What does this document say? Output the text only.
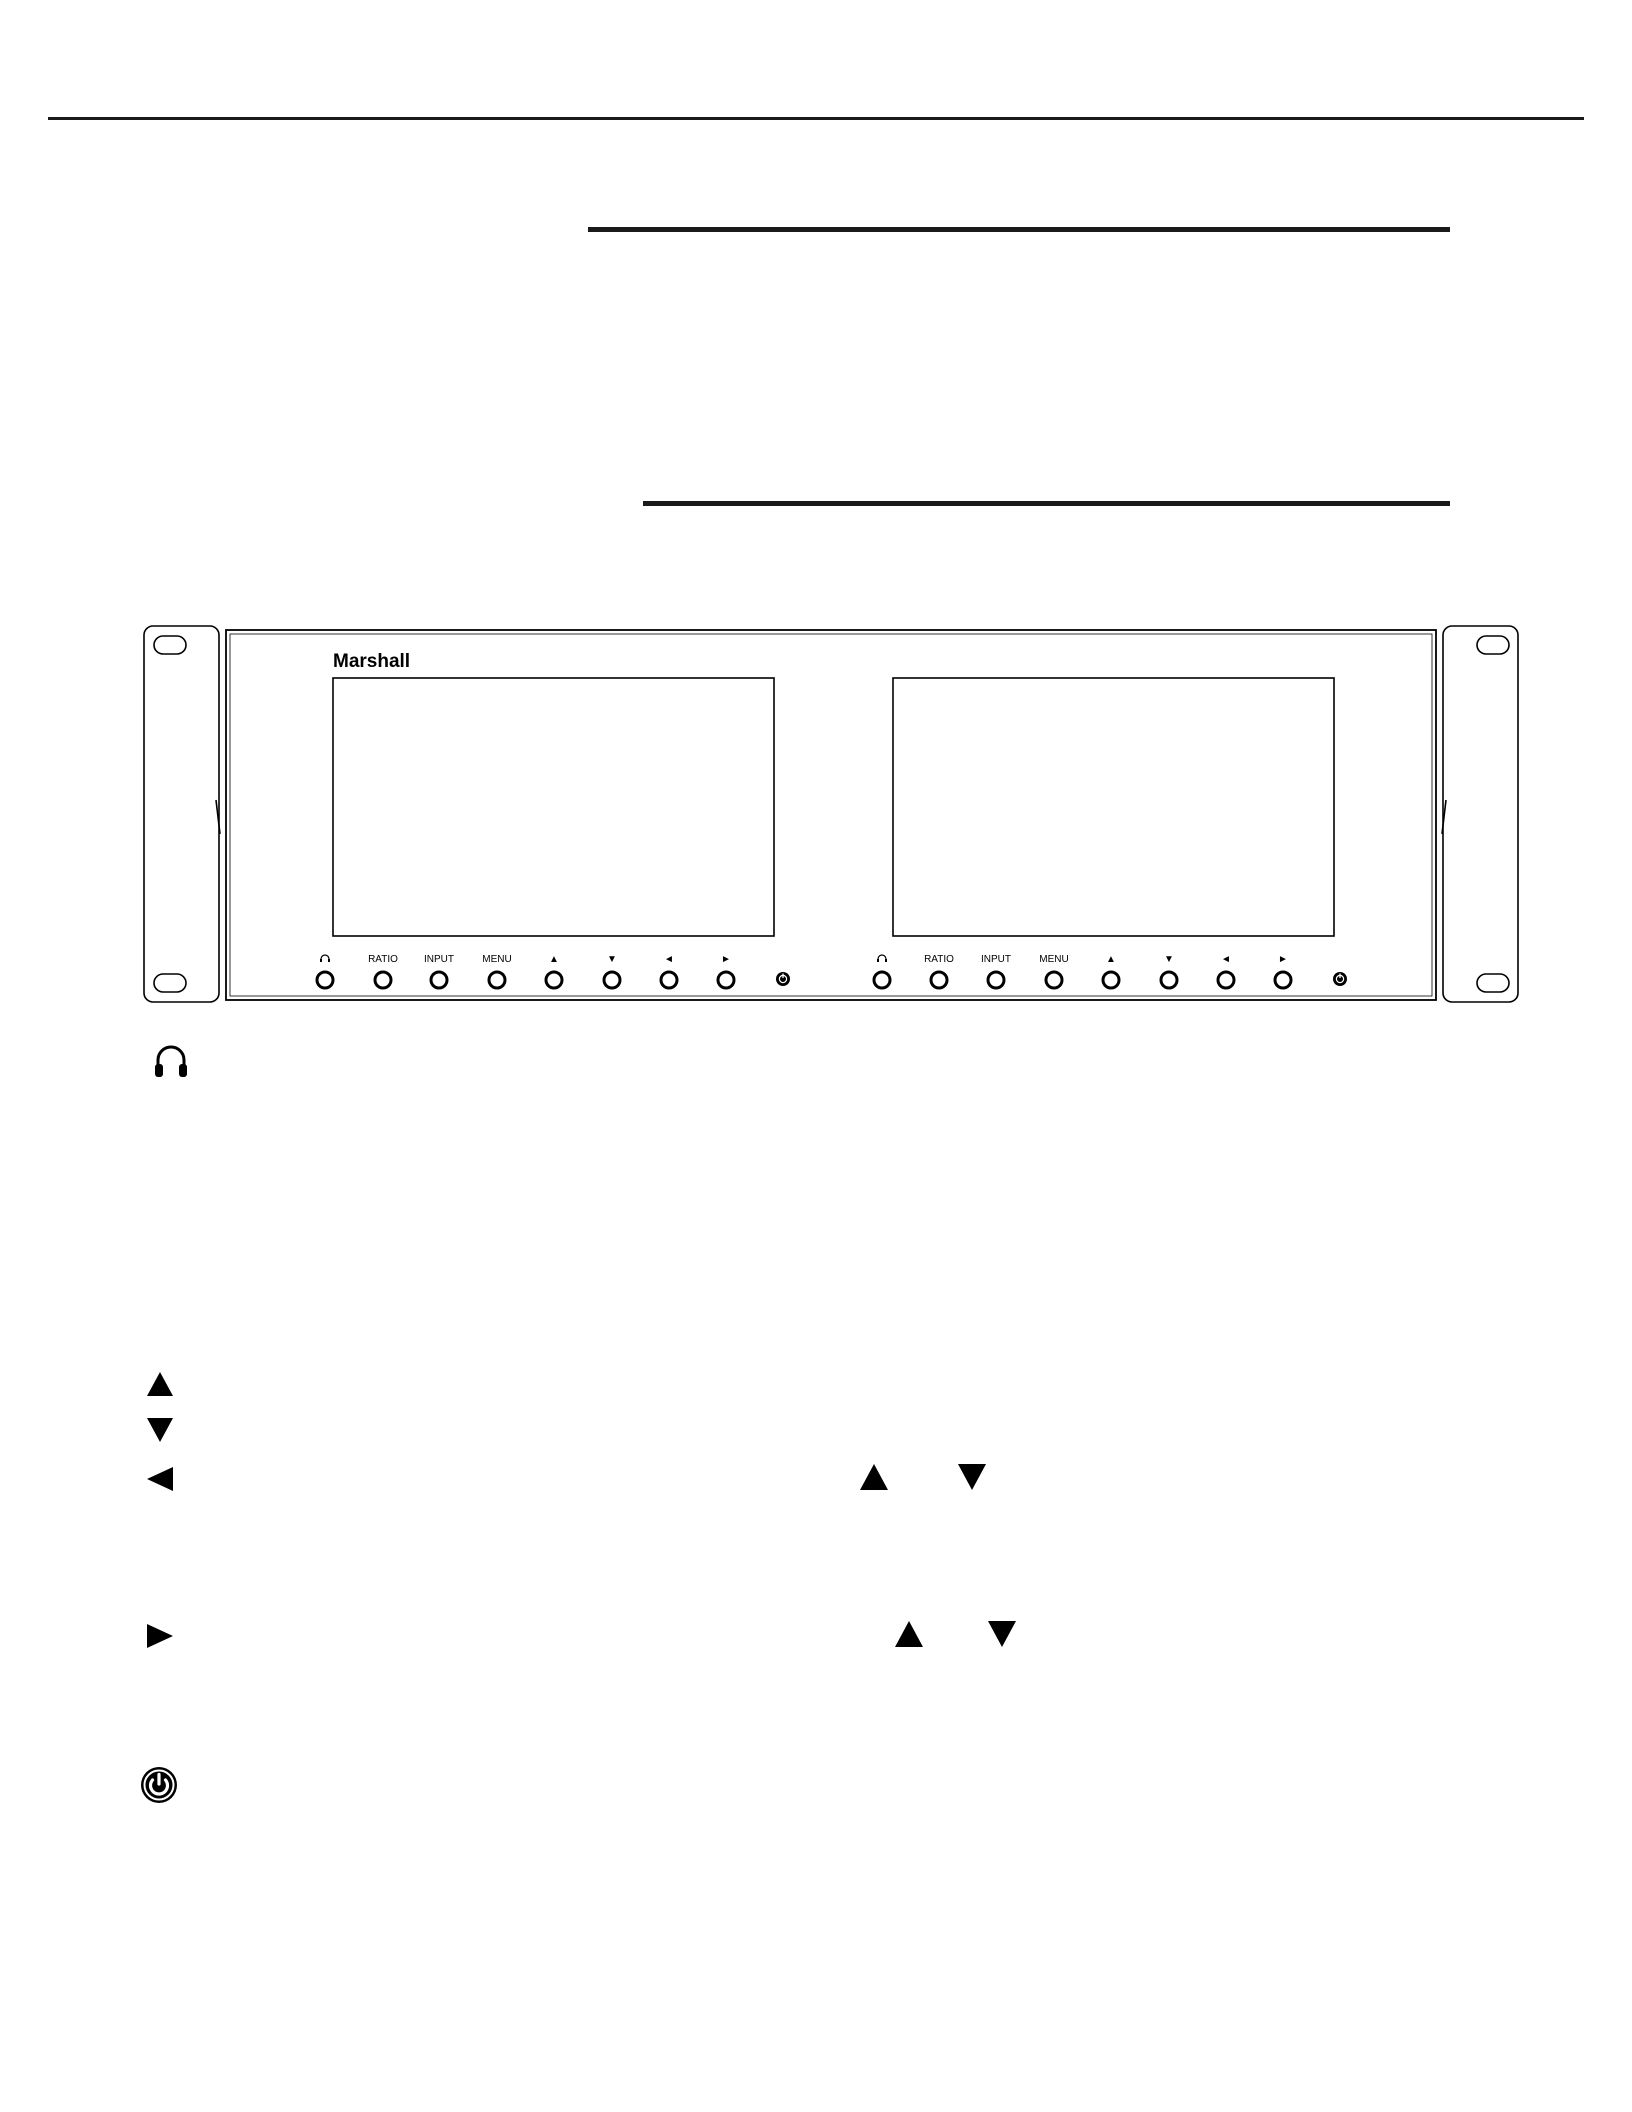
Marshall
RATIO	INPUT	MENU	▲	▼	◄	►	RATIO	INPUT	MENU	▲	▼	◄	►
